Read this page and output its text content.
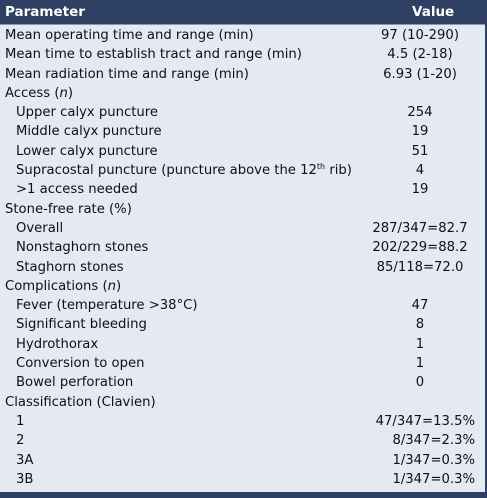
Parameter	Value
Mean operating time and range (min)	97 (10-290)
Mean time to establish tract and range (min)	4.5 (2-18)
Mean radiation time and range (min)	6.93 (1-20)
Access (n)
Upper calyx puncture	254
Middle calyx puncture	19
Lower calyx puncture	51
Supracostal puncture (puncture above the 12th rib)	4
>1 access needed	19
Stone-free rate (%)
Overall	287/347=82.7
Nonstaghorn stones	202/229=88.2
Staghorn stones	85/118=72.0
Complications (n)
Fever (temperature >38°C)	47
Significant bleeding	8
Hydrothorax	1
Conversion to open	1
Bowel perforation	0
Classification (Clavien)
1	47/347=13.5%
2	8/347=2.3%
3A	1/347=0.3%
3B	1/347=0.3%
